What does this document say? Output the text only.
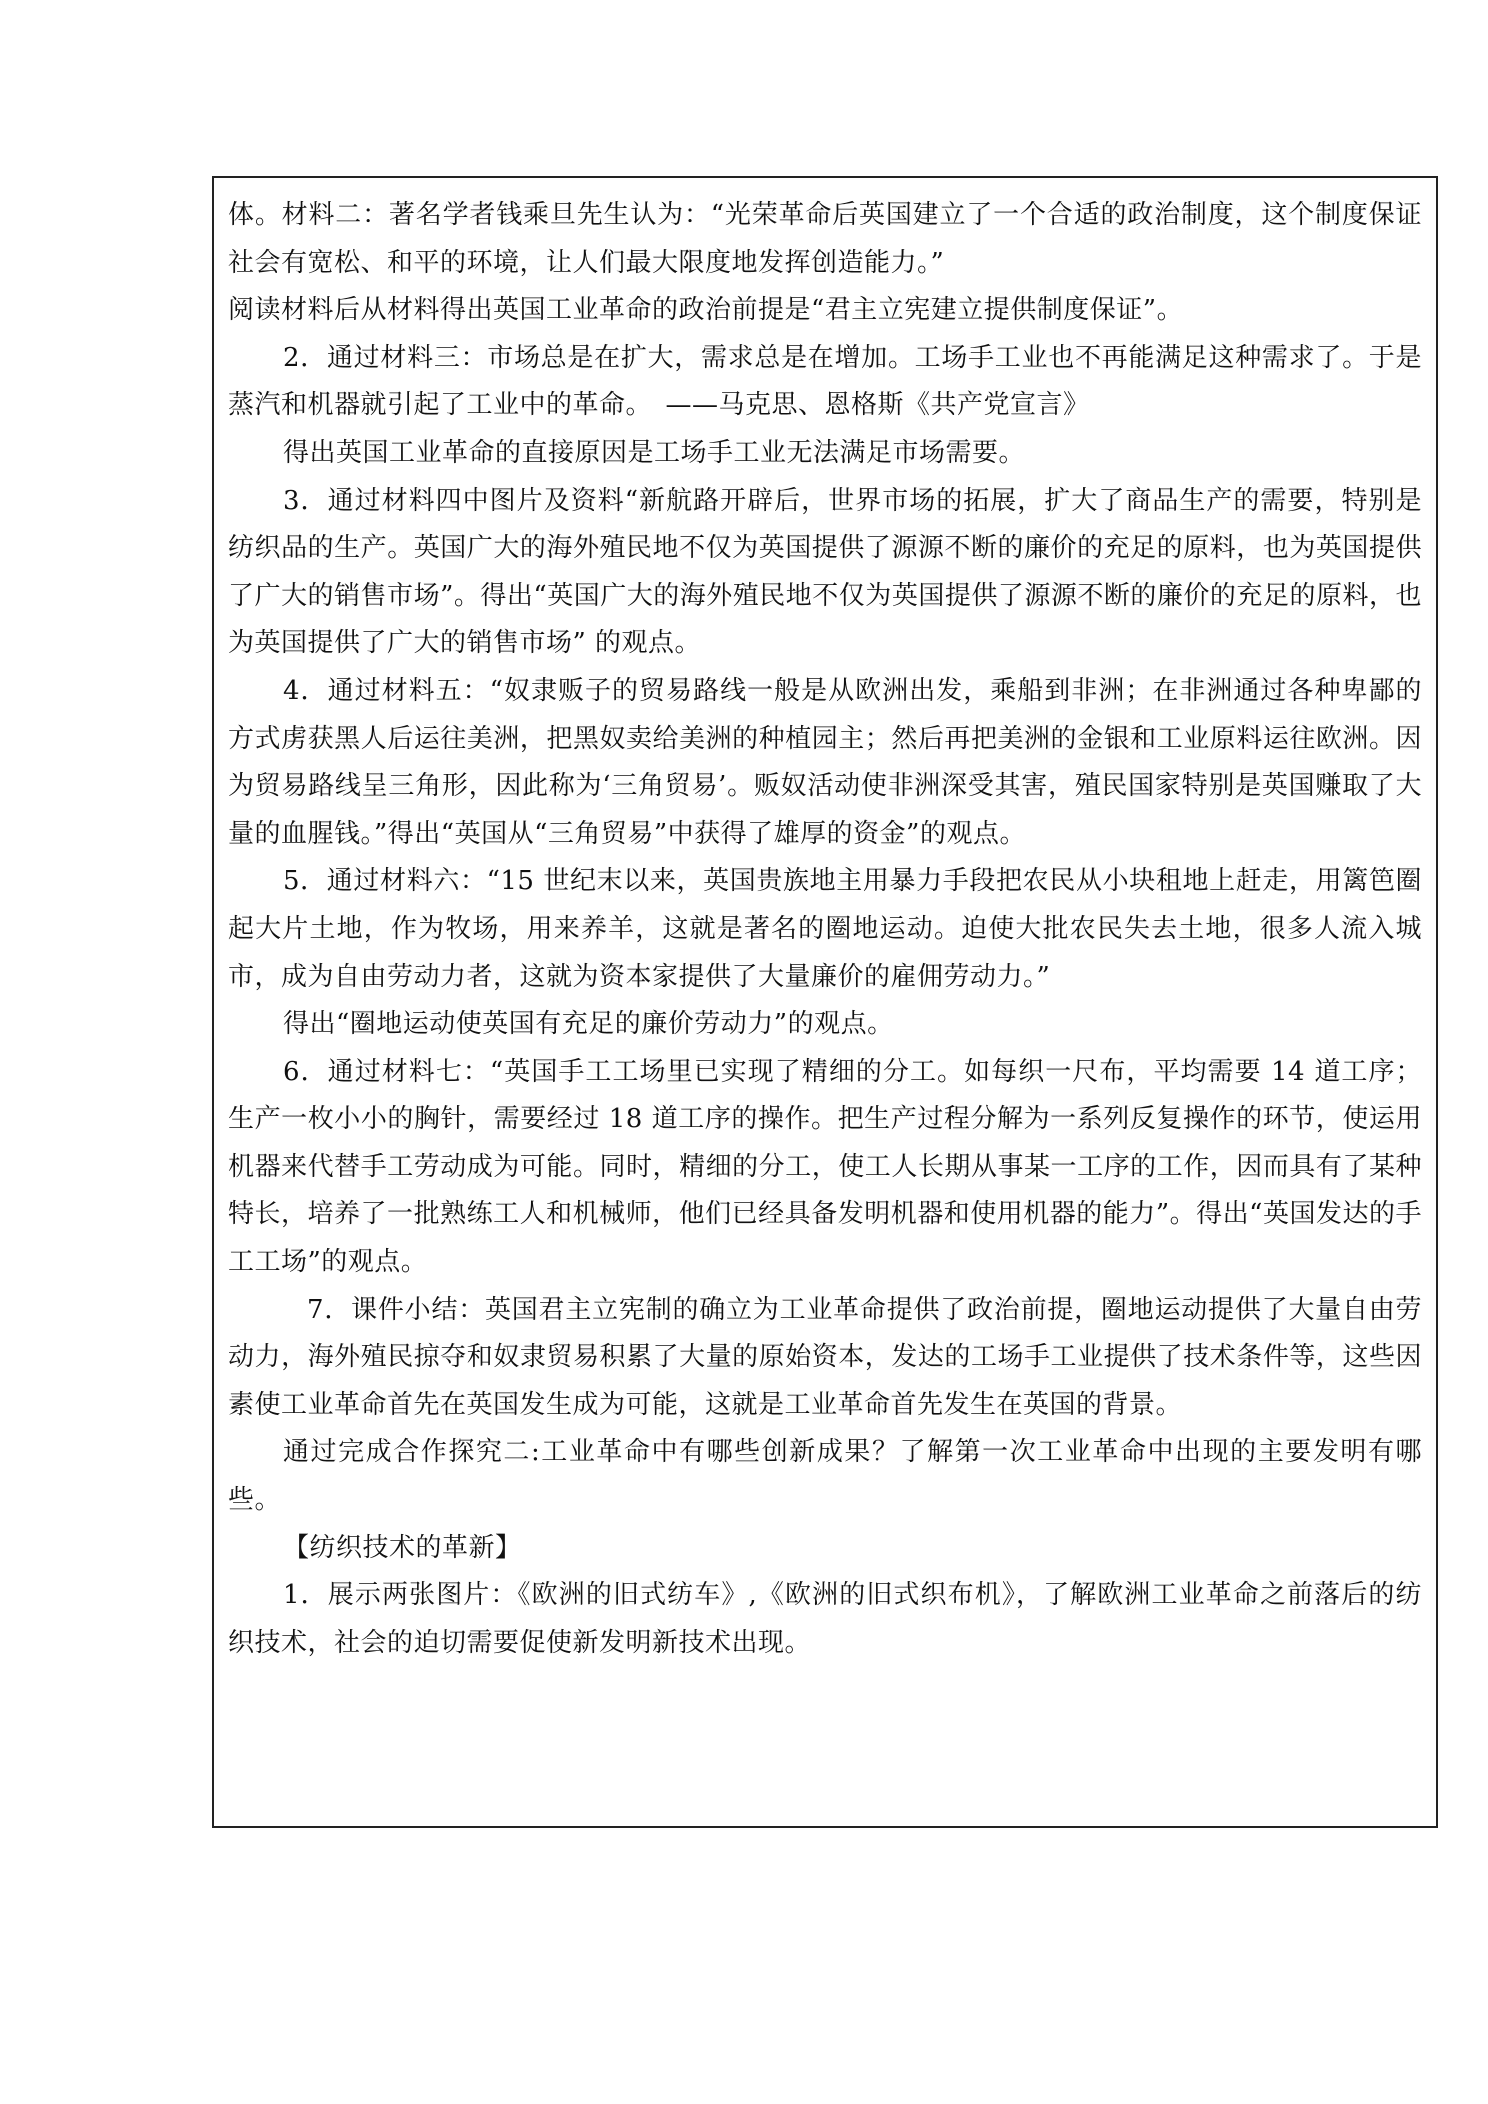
体。材料二：著名学者钱乘旦先生认为：“光荣革命后英国建立了一个合适的政治制度，这个制度保证社会有宽松、和平的环境，让人们最大限度地发挥创造能力。”

阅读材料后从材料得出英国工业革命的政治前提是“君主立宪建立提供制度保证”。

2．通过材料三：市场总是在扩大，需求总是在增加。工场手工业也不再能满足这种需求了。于是蒸汽和机器就引起了工业中的革命。　——马克思、恩格斯《共产党宣言》

得出英国工业革命的直接原因是工场手工业无法满足市场需要。

3．通过材料四中图片及资料“新航路开辟后，世界市场的拓展，扩大了商品生产的需要，特别是纺织品的生产。英国广大的海外殖民地不仅为英国提供了源源不断的廉价的充足的原料，也为英国提供了广大的销售市场”。得出“英国广大的海外殖民地不仅为英国提供了源源不断的廉价的充足的原料，也为英国提供了广大的销售市场” 的观点。

4．通过材料五：“奴隶贩子的贸易路线一般是从欧洲出发，乘船到非洲；在非洲通过各种卑鄙的方式虏获黑人后运往美洲，把黑奴卖给美洲的种植园主；然后再把美洲的金银和工业原料运往欧洲。因为贸易路线呈三角形，因此称为‘三角贸易’。贩奴活动使非洲深受其害，殖民国家特别是英国赚取了大量的血腥钱。”得出“英国从“三角贸易”中获得了雄厚的资金”的观点。

5．通过材料六：“15 世纪末以来，英国贵族地主用暴力手段把农民从小块租地上赶走，用篱笆圈起大片土地，作为牧场，用来养羊，这就是著名的圈地运动。迫使大批农民失去土地，很多人流入城市，成为自由劳动力者，这就为资本家提供了大量廉价的雇佣劳动力。”

得出“圈地运动使英国有充足的廉价劳动力”的观点。

6．通过材料七：“英国手工工场里已实现了精细的分工。如每织一尺布，平均需要 14 道工序；生产一枚小小的胸针，需要经过 18 道工序的操作。把生产过程分解为一系列反复操作的环节，使运用机器来代替手工劳动成为可能。同时，精细的分工，使工人长期从事某一工序的工作，因而具有了某种特长，培养了一批熟练工人和机械师，他们已经具备发明机器和使用机器的能力”。得出“英国发达的手工工场”的观点。

7．课件小结：英国君主立宪制的确立为工业革命提供了政治前提，圈地运动提供了大量自由劳动力，海外殖民掠夺和奴隶贸易积累了大量的原始资本，发达的工场手工业提供了技术条件等，这些因素使工业革命首先在英国发生成为可能，这就是工业革命首先发生在英国的背景。

通过完成合作探究二:工业革命中有哪些创新成果？了解第一次工业革命中出现的主要发明有哪些。

【纺织技术的革新】

1．展示两张图片：《欧洲的旧式纺车》,《欧洲的旧式织布机》，了解欧洲工业革命之前落后的纺织技术，社会的迫切需要促使新发明新技术出现。
